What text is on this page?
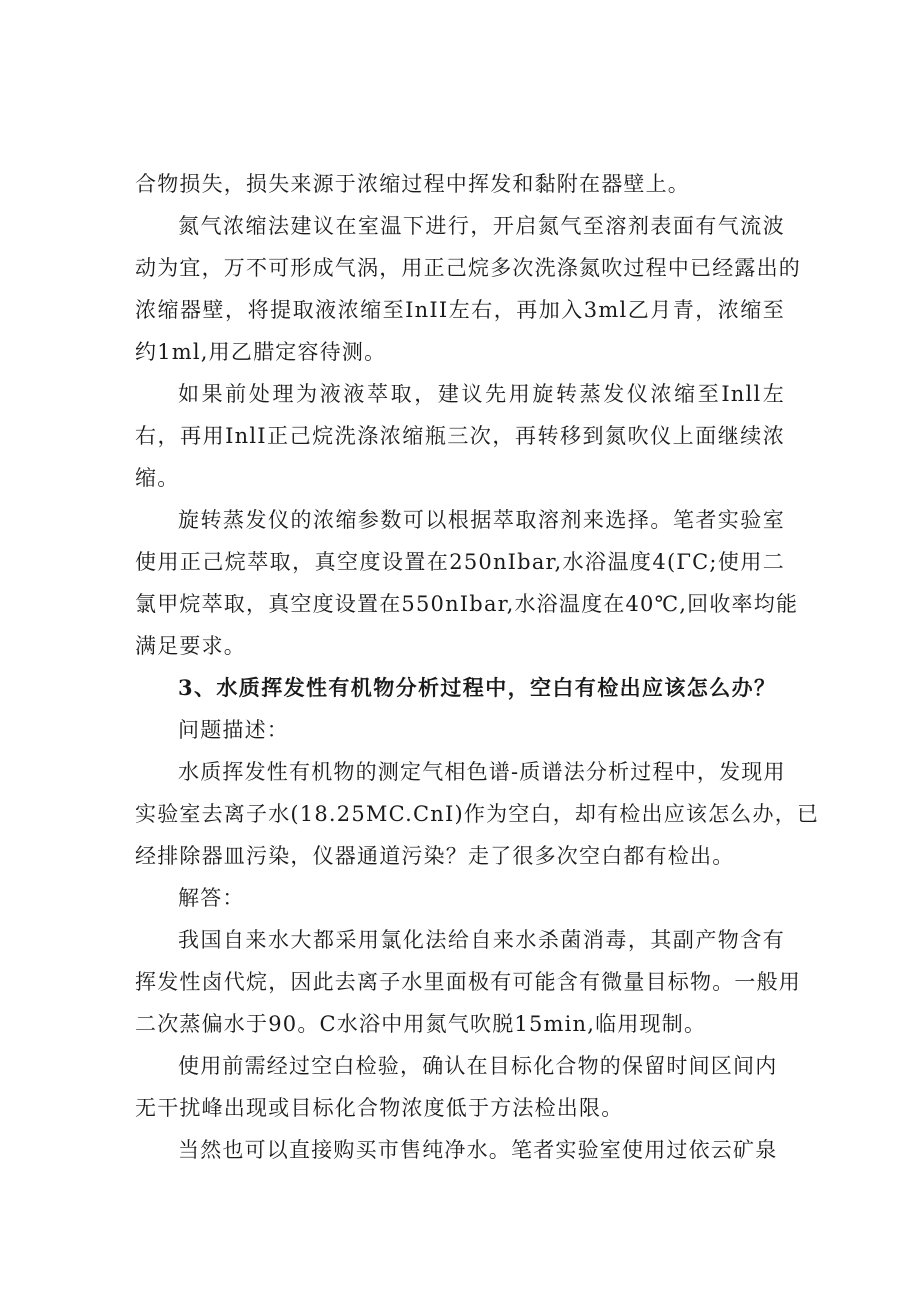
合物损失，损失来源于浓缩过程中挥发和黏附在器壁上。
氮气浓缩法建议在室温下进行，开启氮气至溶剂表面有气流波
动为宜，万不可形成气涡，用正己烷多次洗涤氮吹过程中已经露出的
浓缩器壁，将提取液浓缩至InII左右，再加入3ml乙月青，浓缩至
约1ml,用乙腊定容待测。
如果前处理为液液萃取，建议先用旋转蒸发仪浓缩至Inll左
右，再用InlI正己烷洗涤浓缩瓶三次，再转移到氮吹仪上面继续浓
缩。
旋转蒸发仪的浓缩参数可以根据萃取溶剂来选择。笔者实验室
使用正己烷萃取，真空度设置在250nIbar,水浴温度4(ΓC;使用二
氯甲烷萃取，真空度设置在550nIbar,水浴温度在40℃,回收率均能
满足要求。
3、水质挥发性有机物分析过程中，空白有检出应该怎么办？
问题描述：
水质挥发性有机物的测定气相色谱-质谱法分析过程中，发现用
实验室去离子水(18.25MC.CnI)作为空白，却有检出应该怎么办，已
经排除器皿污染，仪器通道污染？走了很多次空白都有检出。
解答：
我国自来水大都采用氯化法给自来水杀菌消毒，其副产物含有
挥发性卤代烷，因此去离子水里面极有可能含有微量目标物。一般用
二次蒸偏水于90。C水浴中用氮气吹脱15min,临用现制。
使用前需经过空白检验，确认在目标化合物的保留时间区间内
无干扰峰出现或目标化合物浓度低于方法检出限。
当然也可以直接购买市售纯净水。笔者实验室使用过依云矿泉
